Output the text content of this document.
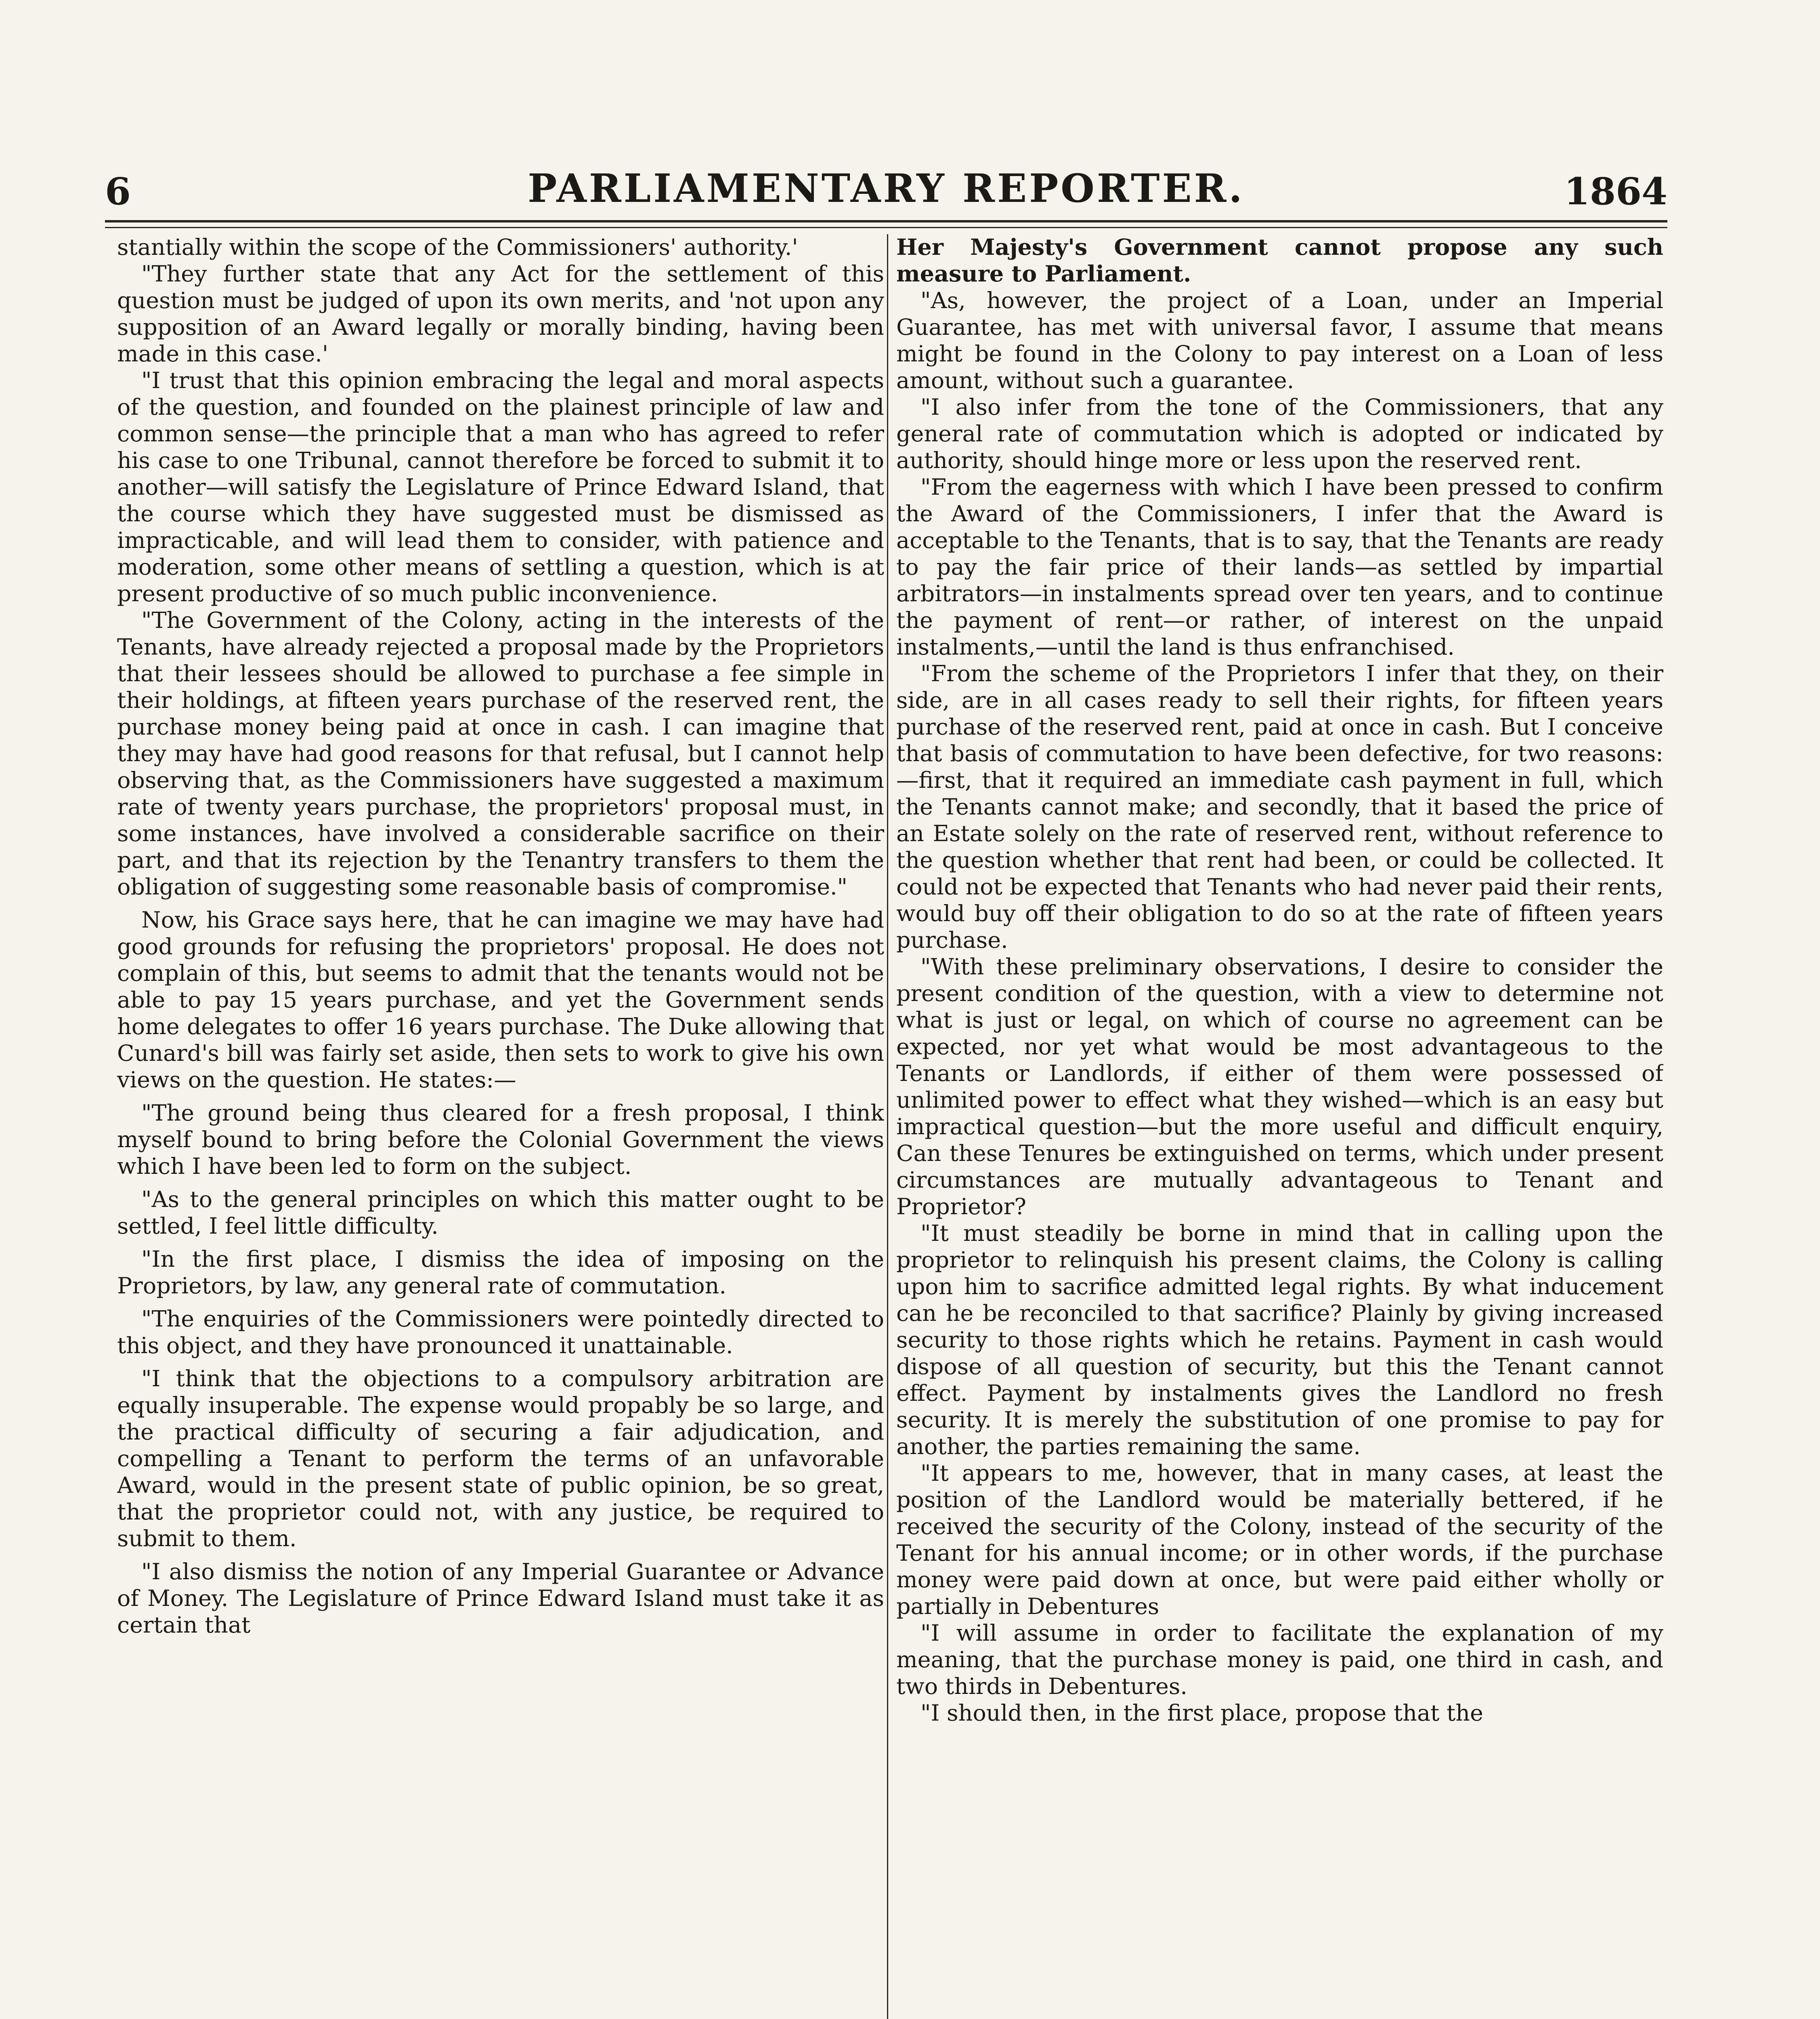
6	PARLIAMENTARY REPORTER.	1864

stantially within the scope of the Commissioners' authority.'

"They further state that any Act for the settlement of this question must be judged of upon its own merits, and 'not upon any supposition of an Award legally or morally binding, having been made in this case.'

"I trust that this opinion embracing the legal and moral aspects of the question, and founded on the plainest principle of law and common sense—the principle that a man who has agreed to refer his case to one Tribunal, cannot therefore be forced to submit it to another—will satisfy the Legislature of Prince Edward Island, that the course which they have suggested must be dismissed as impracticable, and will lead them to consider, with patience and moderation, some other means of settling a question, which is at present productive of so much public inconvenience.

"The Government of the Colony, acting in the interests of the Tenants, have already rejected a proposal made by the Proprietors that their lessees should be allowed to purchase a fee simple in their holdings, at fifteen years purchase of the reserved rent, the purchase money being paid at once in cash. I can imagine that they may have had good reasons for that refusal, but I cannot help observing that, as the Commissioners have suggested a maximum rate of twenty years purchase, the proprietors' proposal must, in some instances, have involved a considerable sacrifice on their part, and that its rejection by the Tenantry transfers to them the obligation of suggesting some reasonable basis of compromise."

Now, his Grace says here, that he can imagine we may have had good grounds for refusing the proprietors' proposal. He does not complain of this, but seems to admit that the tenants would not be able to pay 15 years purchase, and yet the Government sends home delegates to offer 16 years purchase. The Duke allowing that Cunard's bill was fairly set aside, then sets to work to give his own views on the question. He states:—

"The ground being thus cleared for a fresh proposal, I think myself bound to bring before the Colonial Government the views which I have been led to form on the subject.

"As to the general principles on which this matter ought to be settled, I feel little difficulty.

"In the first place, I dismiss the idea of imposing on the Proprietors, by law, any general rate of commutation.

"The enquiries of the Commissioners were pointedly directed to this object, and they have pronounced it unattainable.

"I think that the objections to a compulsory arbitration are equally insuperable. The expense would propably be so large, and the practical difficulty of securing a fair adjudication, and compelling a Tenant to perform the terms of an unfavorable Award, would in the present state of public opinion, be so great, that the proprietor could not, with any justice, be required to submit to them.

"I also dismiss the notion of any Imperial Guarantee or Advance of Money. The Legislature of Prince Edward Island must take it as certain that

Her Majesty's Government cannot propose any such measure to Parliament.

"As, however, the project of a Loan, under an Imperial Guarantee, has met with universal favor, I assume that means might be found in the Colony to pay interest on a Loan of less amount, without such a guarantee.

"I also infer from the tone of the Commissioners, that any general rate of commutation which is adopted or indicated by authority, should hinge more or less upon the reserved rent.

"From the eagerness with which I have been pressed to confirm the Award of the Commissioners, I infer that the Award is acceptable to the Tenants, that is to say, that the Tenants are ready to pay the fair price of their lands—as settled by impartial arbitrators—in instalments spread over ten years, and to continue the payment of rent—or rather, of interest on the unpaid instalments,—until the land is thus enfranchised.

"From the scheme of the Proprietors I infer that they, on their side, are in all cases ready to sell their rights, for fifteen years purchase of the reserved rent, paid at once in cash. But I conceive that basis of commutation to have been defective, for two reasons:—first, that it required an immediate cash payment in full, which the Tenants cannot make; and secondly, that it based the price of an Estate solely on the rate of reserved rent, without reference to the question whether that rent had been, or could be collected. It could not be expected that Tenants who had never paid their rents, would buy off their obligation to do so at the rate of fifteen years purchase.

"With these preliminary observations, I desire to consider the present condition of the question, with a view to determine not what is just or legal, on which of course no agreement can be expected, nor yet what would be most advantageous to the Tenants or Landlords, if either of them were possessed of unlimited power to effect what they wished—which is an easy but impractical question—but the more useful and difficult enquiry, Can these Tenures be extinguished on terms, which under present circumstances are mutually advantageous to Tenant and Proprietor?

"It must steadily be borne in mind that in calling upon the proprietor to relinquish his present claims, the Colony is calling upon him to sacrifice admitted legal rights. By what inducement can he be reconciled to that sacrifice? Plainly by giving increased security to those rights which he retains. Payment in cash would dispose of all question of security, but this the Tenant cannot effect. Payment by instalments gives the Landlord no fresh security. It is merely the substitution of one promise to pay for another, the parties remaining the same.

"It appears to me, however, that in many cases, at least the position of the Landlord would be materially bettered, if he received the security of the Colony, instead of the security of the Tenant for his annual income; or in other words, if the purchase money were paid down at once, but were paid either wholly or partially in Debentures

"I will assume in order to facilitate the explanation of my meaning, that the purchase money is paid, one third in cash, and two thirds in Debentures.

"I should then, in the first place, propose that the
